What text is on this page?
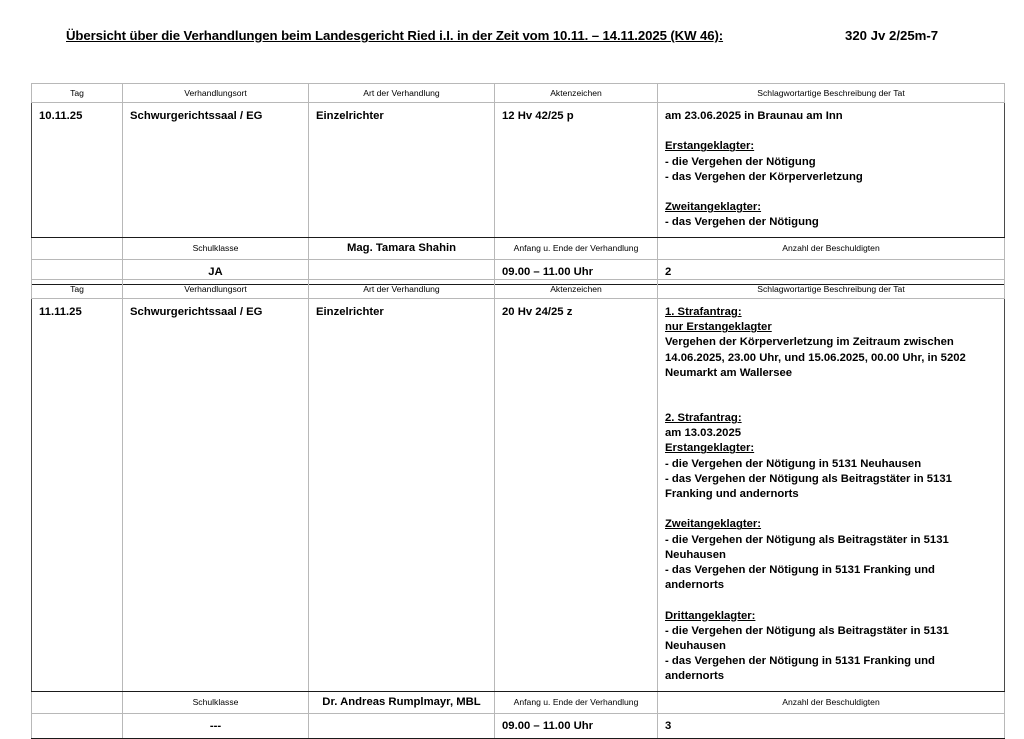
Übersicht über die Verhandlungen beim Landesgericht Ried i.I. in der Zeit vom 10.11. – 14.11.2025 (KW 46):	320 Jv 2/25m-7
Tag	Verhandlungsort	Art der Verhandlung	Aktenzeichen	Schlagwortartige Beschreibung der Tat
10.11.25	Schwurgerichtssaal / EG	Einzelrichter	12 Hv 42/25 p	am 23.06.2025 in Braunau am Inn
Erstangeklagter:
- die Vergehen der Nötigung
- das Vergehen der Körperverletzung
Zweitangeklagter:
- das Vergehen der Nötigung

	Schulklasse	Mag. Tamara Shahin	Anfang u. Ende der Verhandlung	Anzahl der Beschuldigten
	JA		09.00 – 11.00 Uhr	2
Tag	Verhandlungsort	Art der Verhandlung	Aktenzeichen	Schlagwortartige Beschreibung der Tat
11.11.25	Schwurgerichtssaal / EG	Einzelrichter	20 Hv 24/25 z	1. Strafantrag:
nur Erstangeklagter
Vergehen der Körperverletzung im Zeitraum zwischen
14.06.2025, 23.00 Uhr, und 15.06.2025, 00.00 Uhr, in 5202
Neumarkt am Wallersee
2. Strafantrag:
am 13.03.2025
Erstangeklagter:
- die Vergehen der Nötigung in 5131 Neuhausen
- das Vergehen der Nötigung als Beitragstäter in 5131
Franking und andernorts
Zweitangeklagter:
- die Vergehen der Nötigung als Beitragstäter in 5131
Neuhausen
- das Vergehen der Nötigung in 5131 Franking und
andernorts
Drittangeklagter:
- die Vergehen der Nötigung als Beitragstäter in 5131
Neuhausen
- das Vergehen der Nötigung in 5131 Franking und
andernorts

	Schulklasse	Dr. Andreas Rumplmayr, MBL	Anfang u. Ende der Verhandlung	Anzahl der Beschuldigten
	---		09.00 – 11.00 Uhr	3
